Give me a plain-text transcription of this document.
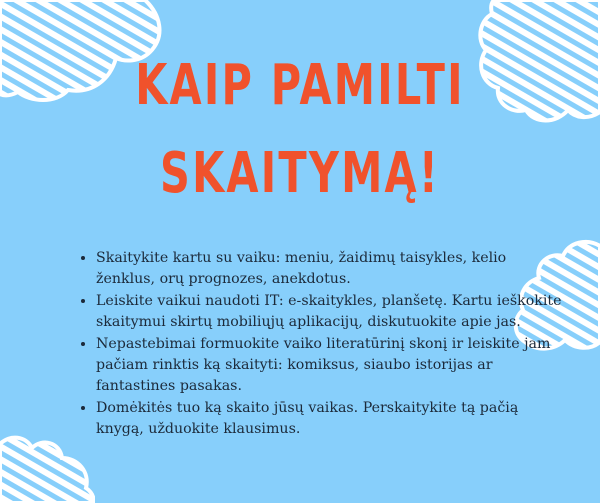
KAIP PAMILTI
SKAITYMĄ!
• Skaitykite kartu su vaiku: meniu, žaidimų taisykles, kelio ženklus, orų prognozes, anekdotus.
• Leiskite vaikui naudoti IT: e-skaitykles, planšetę. Kartu ieškokite skaitymui skirtų mobiliųjų aplikacijų, diskutuokite apie jas.
• Nepastebimai formuokite vaiko literatūrinį skonį ir leiskite jam pačiam rinktis ką skaityti: komiksus, siaubo istorijas ar fantastines pasakas.
• Domėkitės tuo ką skaito jūsų vaikas. Perskaitykite tą pačią knygą, užduokite klausimus.
